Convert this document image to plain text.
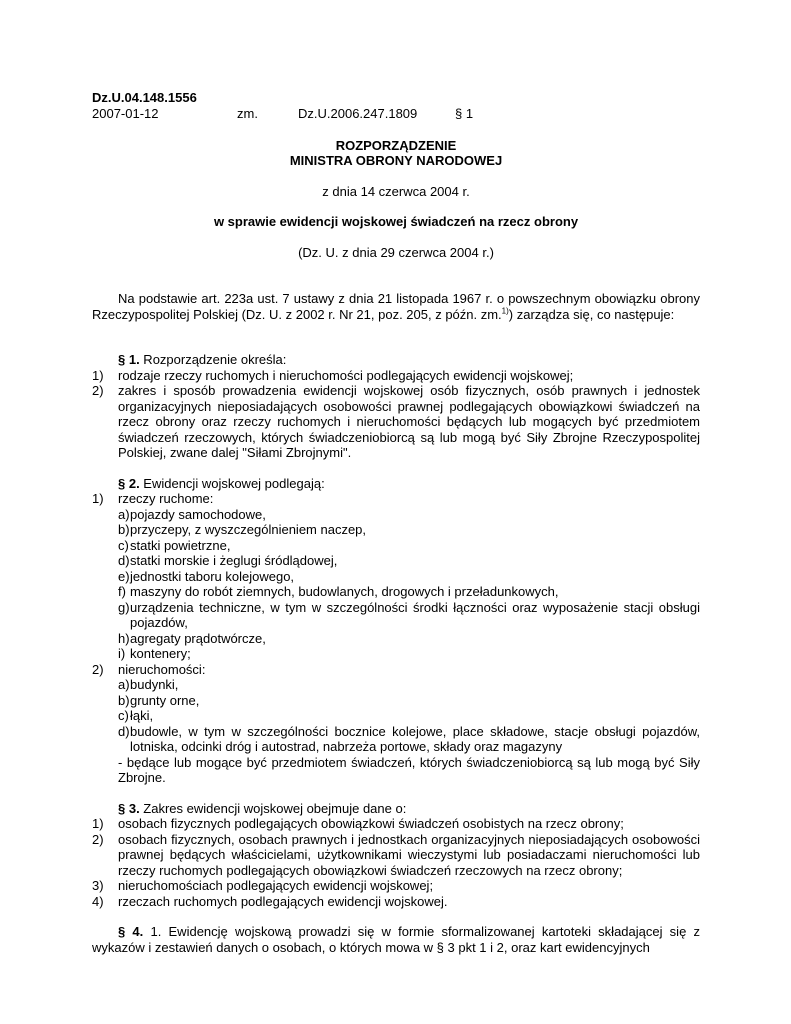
Dz.U.04.148.1556
2007-01-12	zm.	Dz.U.2006.247.1809	§ 1
ROZPORZĄDZENIE
MINISTRA OBRONY NARODOWEJ
z dnia 14 czerwca 2004 r.
w sprawie ewidencji wojskowej świadczeń na rzecz obrony
(Dz. U. z dnia 29 czerwca 2004 r.)
Na podstawie art. 223a ust. 7 ustawy z dnia 21 listopada 1967 r. o powszechnym obowiązku obrony Rzeczypospolitej Polskiej (Dz. U. z 2002 r. Nr 21, poz. 205, z późn. zm.$^{1)}$) zarządza się, co następuje:
§ 1. Rozporządzenie określa:
1) rodzaje rzeczy ruchomych i nieruchomości podlegających ewidencji wojskowej;
2) zakres i sposób prowadzenia ewidencji wojskowej osób fizycznych, osób prawnych i jednostek organizacyjnych nieposiadających osobowości prawnej podlegających obowiązkowi świadczeń na rzecz obrony oraz rzeczy ruchomych i nieruchomości będących lub mogących być przedmiotem świadczeń rzeczowych, których świadczeniobiorcą są lub mogą być Siły Zbrojne Rzeczypospolitej Polskiej, zwane dalej "Siłami Zbrojnymi".
§ 2. Ewidencji wojskowej podlegają:
1) rzeczy ruchome:
a) pojazdy samochodowe,
b) przyczepy, z wyszczególnieniem naczep,
c) statki powietrzne,
d) statki morskie i żeglugi śródlądowej,
e) jednostki taboru kolejowego,
f) maszyny do robót ziemnych, budowlanych, drogowych i przeładunkowych,
g) urządzenia techniczne, w tym w szczególności środki łączności oraz wyposażenie stacji obsługi pojazdów,
h) agregaty prądotwórcze,
i) kontenery;
2) nieruchomości:
a) budynki,
b) grunty orne,
c) łąki,
d) budowle, w tym w szczególności bocznice kolejowe, place składowe, stacje obsługi pojazdów, lotniska, odcinki dróg i autostrad, nabrzeża portowe, składy oraz magazyny
- będące lub mogące być przedmiotem świadczeń, których świadczeniobiorcą są lub mogą być Siły Zbrojne.
§ 3. Zakres ewidencji wojskowej obejmuje dane o:
1) osobach fizycznych podlegających obowiązkowi świadczeń osobistych na rzecz obrony;
2) osobach fizycznych, osobach prawnych i jednostkach organizacyjnych nieposiadających osobowości prawnej będących właścicielami, użytkownikami wieczystymi lub posiadaczami nieruchomości lub rzeczy ruchomych podlegających obowiązkowi świadczeń rzeczowych na rzecz obrony;
3) nieruchomościach podlegających ewidencji wojskowej;
4) rzeczach ruchomych podlegających ewidencji wojskowej.
§ 4. 1. Ewidencję wojskową prowadzi się w formie sformalizowanej kartoteki składającej się z wykazów i zestawień danych o osobach, o których mowa w § 3 pkt 1 i 2, oraz kart ewidencyjnych
